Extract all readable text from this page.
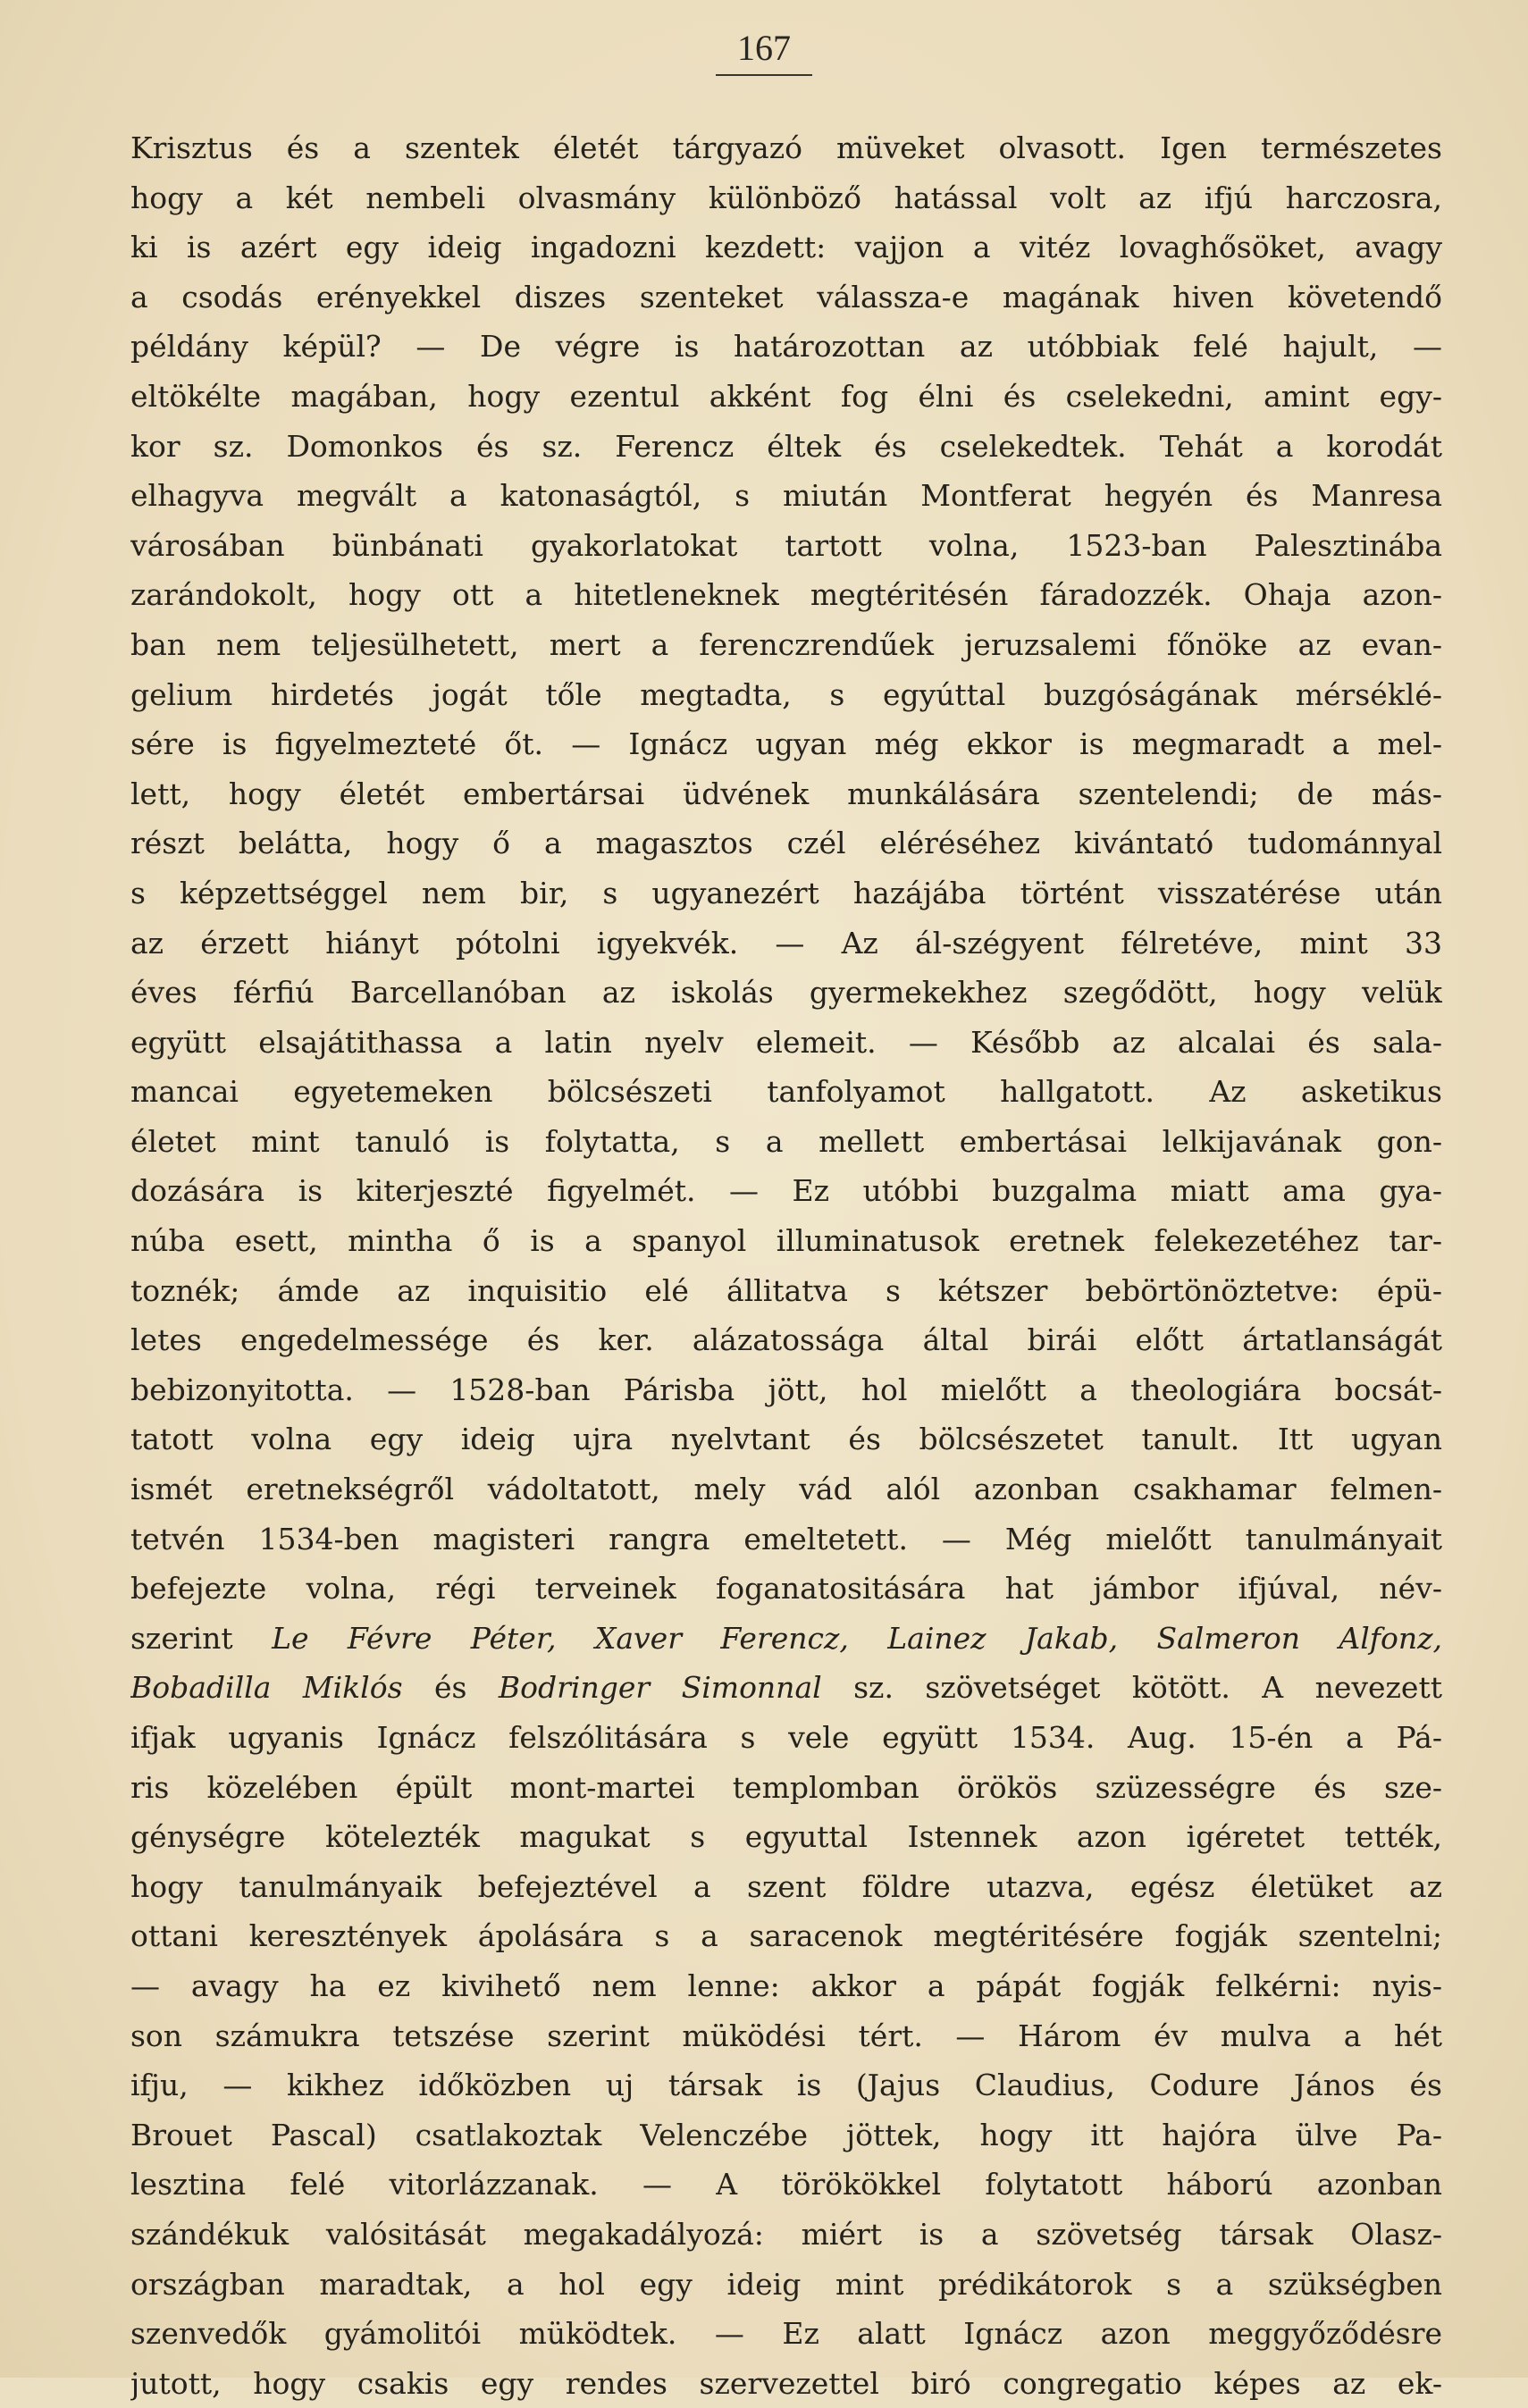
167
Krisztus és a szentek életét tárgyazó müveket olvasott. Igen természetes
hogy a két nembeli olvasmány különböző hatással volt az ifjú harczosra,
ki is azért egy ideig ingadozni kezdett: vajjon a vitéz lovaghősöket, avagy
a csodás erényekkel diszes szenteket válassza-e magának hiven követendő
példány képül? — De végre is határozottan az utóbbiak felé hajult, —
eltökélte magában, hogy ezentul akként fog élni és cselekedni, amint egy-
kor sz. Domonkos és sz. Ferencz éltek és cselekedtek. Tehát a korodát
elhagyva megvált a katonaságtól, s miután Montferat hegyén és Manresa
városában bünbánati gyakorlatokat tartott volna, 1523-ban Palesztinába
zarándokolt, hogy ott a hitetleneknek megtéritésén fáradozzék. Ohaja azon-
ban nem teljesülhetett, mert a ferenczrendűek jeruzsalemi főnöke az evan-
gelium hirdetés jogát tőle megtadta, s egyúttal buzgóságának mérséklé-
sére is figyelmezteté őt. — Ignácz ugyan még ekkor is megmaradt a mel-
lett, hogy életét embertársai üdvének munkálására szentelendi; de más-
részt belátta, hogy ő a magasztos czél eléréséhez kivántató tudománnyal
s képzettséggel nem bir, s ugyanezért hazájába történt visszatérése után
az érzett hiányt pótolni igyekvék. — Az ál-szégyent félretéve, mint 33
éves férfiú Barcellanóban az iskolás gyermekekhez szegődött, hogy velük
együtt elsajátithassa a latin nyelv elemeit. — Később az alcalai és sala-
mancai egyetemeken bölcsészeti tanfolyamot hallgatott. Az asketikus
életet mint tanuló is folytatta, s a mellett embertásai lelkijavának gon-
dozására is kiterjeszté figyelmét. — Ez utóbbi buzgalma miatt ama gya-
núba esett, mintha ő is a spanyol illuminatusok eretnek felekezetéhez tar-
toznék; ámde az inquisitio elé állitatva s kétszer bebörtönöztetve: épü-
letes engedelmessége és ker. alázatossága által birái előtt ártatlanságát
bebizonyitotta. — 1528-ban Párisba jött, hol mielőtt a theologiára bocsát-
tatott volna egy ideig ujra nyelvtant és bölcsészetet tanult. Itt ugyan
ismét eretnekségről vádoltatott, mely vád alól azonban csakhamar felmen-
tetvén 1534-ben magisteri rangra emeltetett. — Még mielőtt tanulmányait
befejezte volna, régi terveinek foganatositására hat jámbor ifjúval, név-
szerint Le Févre Péter, Xaver Ferencz, Lainez Jakab, Salmeron Alfonz,
Bobadilla Miklós és Bodringer Simonnal sz. szövetséget kötött. A nevezett
ifjak ugyanis Ignácz felszólitására s vele együtt 1534. Aug. 15-én a Pá-
ris közelében épült mont-martei templomban örökös szüzességre és sze-
génységre kötelezték magukat s egyuttal Istennek azon igéretet tették,
hogy tanulmányaik befejeztével a szent földre utazva, egész életüket az
ottani keresztények ápolására s a saracenok megtéritésére fogják szentelni;
— avagy ha ez kivihető nem lenne: akkor a pápát fogják felkérni: nyis-
son számukra tetszése szerint müködési tért. — Három év mulva a hét
ifju, — kikhez időközben uj társak is (Jajus Claudius, Codure János és
Brouet Pascal) csatlakoztak Velenczébe jöttek, hogy itt hajóra ülve Pa-
lesztina felé vitorlázzanak. — A törökökkel folytatott háború azonban
szándékuk valósitását megakadályozá: miért is a szövetség társak Olasz-
országban maradtak, a hol egy ideig mint prédikátorok s a szükségben
szenvedők gyámolitói müködtek. — Ez alatt Ignácz azon meggyőződésre
jutott, hogy csakis egy rendes szervezettel biró congregatio képes az ek-
